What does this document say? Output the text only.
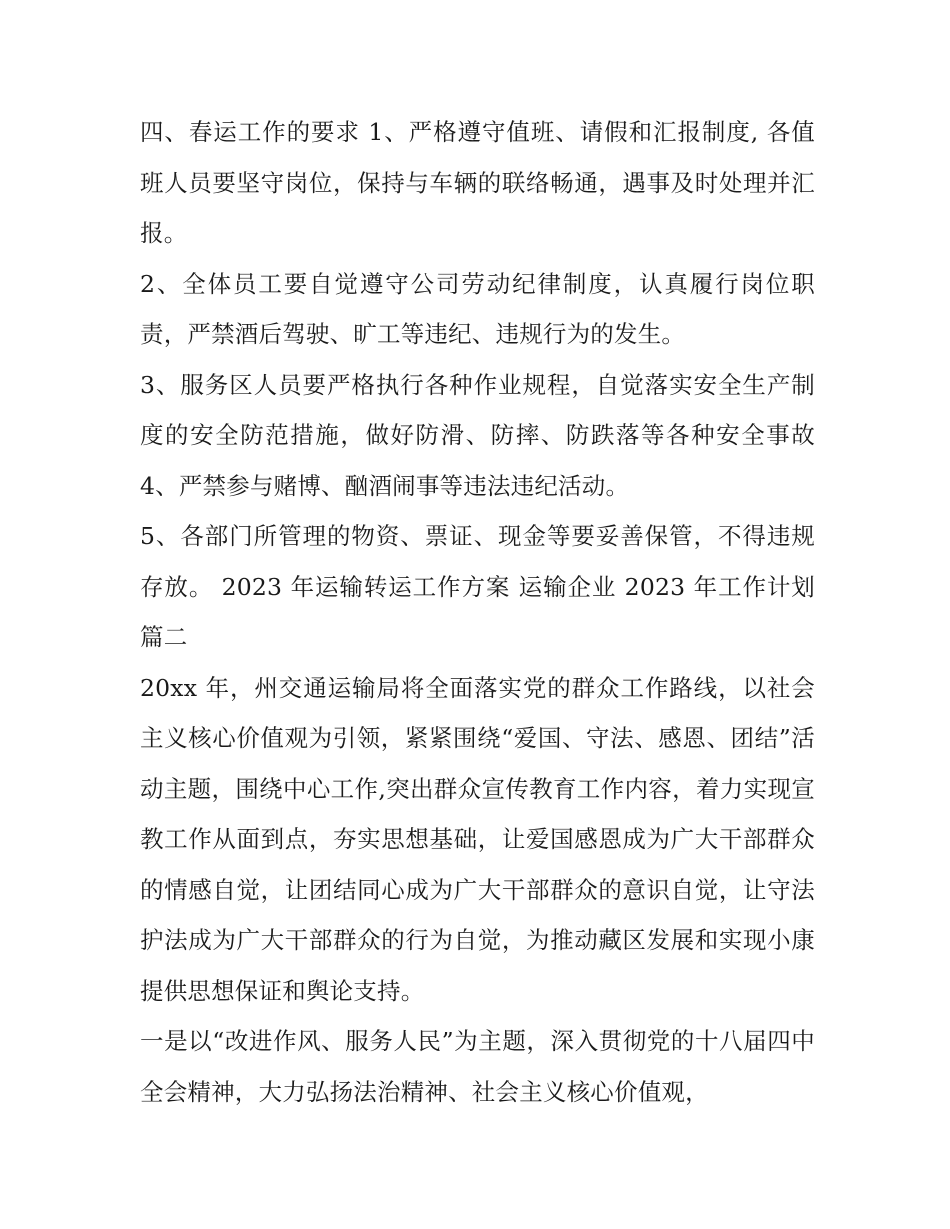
四、春运工作的要求 1、严格遵守值班、请假和汇报制度, 各值班人员要坚守岗位，保持与车辆的联络畅通，遇事及时处理并汇报。

2、全体员工要自觉遵守公司劳动纪律制度，认真履行岗位职责，严禁酒后驾驶、旷工等违纪、违规行为的发生。

3、服务区人员要严格执行各种作业规程，自觉落实安全生产制度的安全防范措施，做好防滑、防摔、防跌落等各种安全事故 4、严禁参与赌博、酗酒闹事等违法违纪活动。

5、各部门所管理的物资、票证、现金等要妥善保管，不得违规存放。 2023 年运输转运工作方案 运输企业 2023 年工作计划篇二

20xx 年，州交通运输局将全面落实党的群众工作路线，以社会主义核心价值观为引领，紧紧围绕“爱国、守法、感恩、团结”活动主题，围绕中心工作,突出群众宣传教育工作内容，着力实现宣教工作从面到点，夯实思想基础，让爱国感恩成为广大干部群众的情感自觉，让团结同心成为广大干部群众的意识自觉，让守法护法成为广大干部群众的行为自觉，为推动藏区发展和实现小康提供思想保证和舆论支持。

一是以“改进作风、服务人民”为主题，深入贯彻党的十八届四中全会精神，大力弘扬法治精神、社会主义核心价值观，
